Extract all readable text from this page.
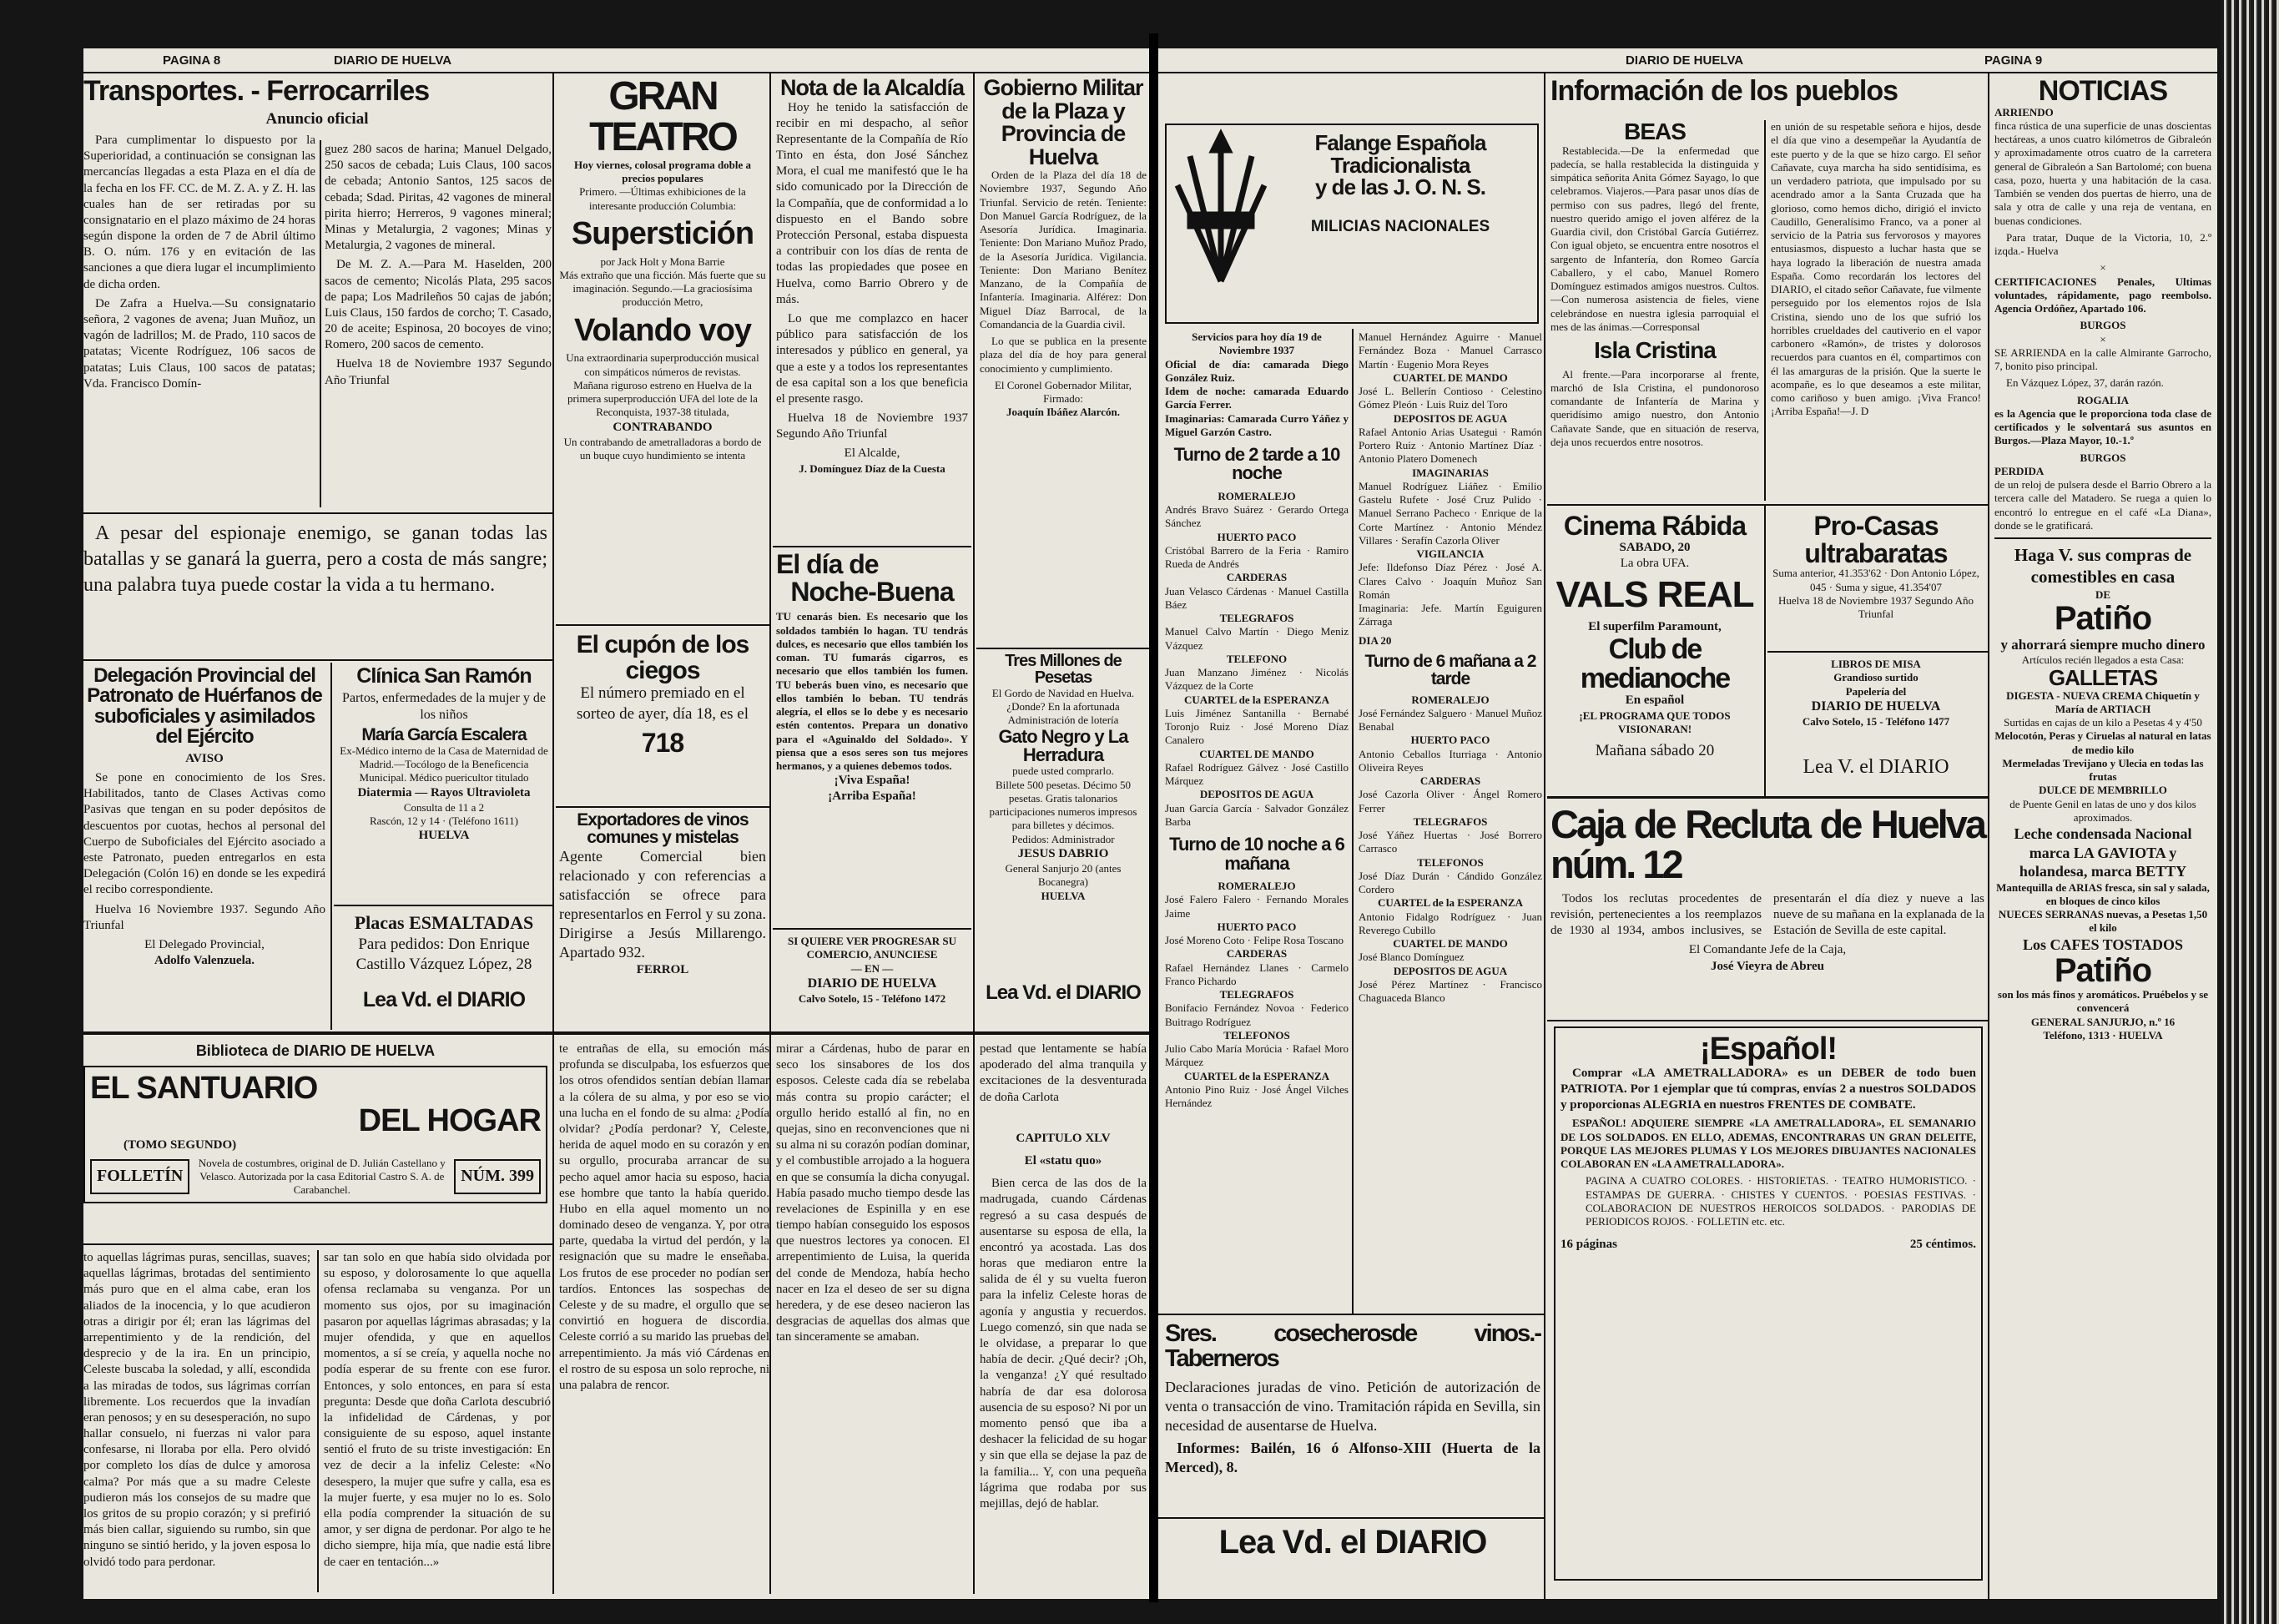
PAGINA 8	DIARIO DE HUELVA
Transportes. - Ferrocarriles
Anuncio oficial

Para cumplimentar lo dispuesto por la Superioridad, a continuación se consignan las mercancías llegadas a esta Plaza en el día de la fecha en los FF. CC. de M. Z. A. y Z. H. las cuales han de ser retiradas por su consignatario en el plazo máximo de 24 horas según dispone la orden de 7 de Abril último B. O. núm. 176 y en evitación de las sanciones a que diera lugar el incumplimiento de dicha orden.

De Zafra a Huelva.—Su consignatario señora, 2 vagones de avena; Juan Muñoz, un vagón de ladrillos; M. de Prado, 110 sacos de patatas; Vicente Rodríguez, 106 sacos de patatas; Luis Claus, 100 sacos de patatas; Vda. Francisco Domín-

guez 280 sacos de harina; Manuel Delgado, 250 sacos de cebada; Luis Claus, 100 sacos de cebada; Antonio Santos, 125 sacos de cebada; Sdad. Piritas, 42 vagones de mineral pirita hierro; Herreros, 9 vagones mineral; Minas y Metalurgia, 2 vagones; Minas y Metalurgia, 2 vagones de mineral.

De M. Z. A.—Para M. Haselden, 200 sacos de cemento; Nicolás Plata, 295 sacos de papa; Los Madrileños 50 cajas de jabón; Luis Claus, 150 fardos de corcho; T. Casado, 20 de aceite; Espinosa, 20 bocoyes de vino; Romero, 200 sacos de cemento.

Huelva 18 de Noviembre 1937 Segundo Año Triunfal

A pesar del espionaje enemigo, se ganan todas las batallas y se ganará la guerra, pero a costa de más sangre; una palabra tuya puede costar la vida a tu hermano.

Delegación Provincial del Patronato de Huérfanos de suboficiales y asimilados del Ejército
AVISO

Se pone en conocimiento de los Sres. Habilitados, tanto de Clases Activas como Pasivas que tengan en su poder depósitos de descuentos por cuotas, hechos al personal del Cuerpo de Suboficiales del Ejército asociado a este Patronato, pueden entregarlos en esta Delegación (Colón 16) en donde se les expedirá el recibo correspondiente.

Huelva 16 Noviembre 1937. Segundo Año Triunfal

El Delegado Provincial,
Adolfo Valenzuela.
Clínica San Ramón
Partos, enfermedades de la mujer y de los niños
María García Escalera
Ex-Médico interno de la Casa de Maternidad de Madrid.—Tocólogo de la Beneficencia Municipal. Médico puericultor titulado
Diatermia — Rayos Ultravioleta
Consulta de 11 a 2
Rascón, 12 y 14 · (Teléfono 1611)
HUELVA
Placas ESMALTADAS
Para pedidos: Don Enrique Castillo Vázquez López, 28
Lea Vd. el DIARIO
GRAN TEATRO
Hoy viernes, colosal programa doble a precios populares
Primero. —Últimas exhibiciones de la interesante producción Columbia:
Superstición
por Jack Holt y Mona Barrie
Más extraño que una ficción. Más fuerte que su imaginación. Segundo.—La graciosísima producción Metro,
Volando voy
Una extraordinaria superproducción musical con simpáticos números de revistas.
Mañana riguroso estreno en Huelva de la primera superproducción UFA del lote de la Reconquista, 1937-38 titulada,
CONTRABANDO
Un contrabando de ametralladoras a bordo de un buque cuyo hundimiento se intenta
El cupón de los ciegos
El número premiado en el sorteo de ayer, día 18, es el
718
Exportadores de vinos comunes y mistelas
Agente Comercial bien relacionado y con referencias a satisfacción se ofrece para representarlos en Ferrol y su zona. Dirigirse a Jesús Millarengo. Apartado 932.
FERROL
Nota de la Alcaldía

Hoy he tenido la satisfacción de recibir en mi despacho, al señor Representante de la Compañía de Río Tinto en ésta, don José Sánchez Mora, el cual me manifestó que le ha sido comunicado por la Dirección de la Compañía, que de conformidad a lo dispuesto en el Bando sobre Protección Personal, estaba dispuesta a contribuir con los días de renta de todas las propiedades que posee en Huelva, como Barrio Obrero y de más.

Lo que me complazco en hacer público para satisfacción de los interesados y público en general, ya que a este y a todos los representantes de esa capital son a los que beneficia el presente rasgo.

Huelva 18 de Noviembre 1937 Segundo Año Triunfal

El Alcalde,
J. Domínguez Díaz de la Cuesta
El día de
Noche-Buena
TU cenarás bien. Es necesario que los soldados también lo hagan. TU tendrás dulces, es necesario que ellos también los coman. TU fumarás cigarros, es necesario que ellos también los fumen. TU beberás buen vino, es necesario que ellos también lo beban. TU tendrás alegría, el ellos se lo debe y es necesario estén contentos. Prepara un donativo para el «Aguinaldo del Soldado». Y piensa que a esos seres son tus mejores hermanos, y a quienes debemos todos.
¡Viva España!
¡Arriba España!
SI QUIERE VER PROGRESAR SU COMERCIO, ANUNCIESE
— EN —
DIARIO DE HUELVA
Calvo Sotelo, 15 - Teléfono 1472
Gobierno Militar de la Plaza y Provincia de Huelva

Orden de la Plaza del día 18 de Noviembre 1937, Segundo Año Triunfal. Servicio de retén. Teniente: Don Manuel García Rodríguez, de la Asesoría Jurídica. Imaginaria. Teniente: Don Mariano Muñoz Prado, de la Asesoría Jurídica. Vigilancia. Teniente: Don Mariano Benítez Manzano, de la Compañía de Infantería. Imaginaria. Alférez: Don Miguel Díaz Barrocal, de la Comandancia de la Guardia civil.

Lo que se publica en la presente plaza del día de hoy para general conocimiento y cumplimiento.

El Coronel Gobernador Militar,
Firmado:
Joaquín Ibáñez Alarcón.
Tres Millones de Pesetas
El Gordo de Navidad en Huelva. ¿Donde? En la afortunada Administración de lotería
Gato Negro y La Herradura
puede usted comprarlo.
Billete 500 pesetas. Décimo 50 pesetas. Gratis talonarios participaciones numeros impresos para billetes y décimos.
Pedidos: Administrador
JESUS DABRIO
General Sanjurjo 20 (antes Bocanegra)
HUELVA
Lea Vd. el DIARIO
Biblioteca de DIARIO DE HUELVA
EL SANTUARIO
DEL HOGAR
(TOMO SEGUNDO)
FOLLETÍN
Novela de costumbres, original de D. Julián Castellano y Velasco. Autorizada por la casa Editorial Castro S. A. de Carabanchel.
NÚM. 399

to aquellas lágrimas puras, sencillas, suaves; aquellas lágrimas, brotadas del sentimiento más puro que en el alma cabe, eran los aliados de la inocencia, y lo que acudieron otras a dirigir por él; eran las lágrimas del arrepentimiento y de la rendición, del desprecio y de la ira. En un principio, Celeste buscaba la soledad, y allí, escondida a las miradas de todos, sus lágrimas corrían libremente. Los recuerdos que la invadían eran penosos; y en su desesperación, no supo hallar consuelo, ni fuerzas ni valor para confesarse, ni lloraba por ella. Pero olvidó por completo los días de dulce y amorosa calma? Por más que a su madre Celeste pudieron más los consejos de su madre que los gritos de su propio corazón; y si prefirió más bien callar, siguiendo su rumbo, sin que ninguno se sintió herido, y la joven esposa lo olvidó todo para perdonar.

sar tan solo en que había sido olvidada por su esposo, y dolorosamente lo que aquella ofensa reclamaba su venganza. Por un momento sus ojos, por su imaginación pasaron por aquellas lágrimas abrasadas; y la mujer ofendida, y que en aquellos momentos, a sí se creía, y aquella noche no podía esperar de su frente con ese furor. Entonces, y solo entonces, en para sí esta pregunta: Desde que doña Carlota descubrió la infidelidad de Cárdenas, y por consiguiente de su esposo, aquel instante sentió el fruto de su triste investigación: En vez de decir a la infeliz Celeste: «No desespero, la mujer que sufre y calla, esa es la mujer fuerte, y esa mujer no lo es. Solo ella podía comprender la situación de su amor, y ser digna de perdonar. Por algo te he dicho siempre, hija mía, que nadie está libre de caer en tentación...»

te entrañas de ella, su emoción más profunda se disculpaba, los esfuerzos que los otros ofendidos sentían debían llamar a la cólera de su alma, y por eso se vio una lucha en el fondo de su alma: ¿Podía olvidar? ¿Podía perdonar? Y, Celeste, herida de aquel modo en su corazón y en su orgullo, procuraba arrancar de su pecho aquel amor hacia su esposo, hacia ese hombre que tanto la había querido. Hubo en ella aquel momento un no dominado deseo de venganza. Y, por otra parte, quedaba la virtud del perdón, y la resignación que su madre le enseñaba. Los frutos de ese proceder no podían ser tardíos. Entonces las sospechas de Celeste y de su madre, el orgullo que se convirtió en hoguera de discordia. Celeste corrió a su marido las pruebas del arrepentimiento. Ja más vió Cárdenas en el rostro de su esposa un solo reproche, ni una palabra de rencor.

mirar a Cárdenas, hubo de parar en seco los sinsabores de los dos esposos. Celeste cada día se rebelaba más contra su propio carácter; el orgullo herido estalló al fin, no en quejas, sino en reconvenciones que ni su alma ni su corazón podían dominar, y el combustible arrojado a la hoguera en que se consumía la dicha conyugal. Había pasado mucho tiempo desde las revelaciones de Espinilla y en ese tiempo habían conseguido los esposos que nuestros lectores ya conocen. El arrepentimiento de Luisa, la querida del conde de Mendoza, había hecho nacer en Iza el deseo de ser su digna heredera, y de ese deseo nacieron las desgracias de aquellas dos almas que tan sinceramente se amaban.

pestad que lentamente se había apoderado del alma tranquila y excitaciones de la desventurada de doña Carlota

CAPITULO XLV
El «statu quo»

Bien cerca de las dos de la madrugada, cuando Cárdenas regresó a su casa después de ausentarse su esposa de ella, la encontró ya acostada. Las dos horas que mediaron entre la salida de él y su vuelta fueron para la infeliz Celeste horas de agonía y angustia y recuerdos. Luego comenzó, sin que nada se le olvidase, a preparar lo que había de decir. ¿Qué decir? ¡Oh, la venganza! ¿Y qué resultado habría de dar esa dolorosa ausencia de su esposo? Ni por un momento pensó que iba a deshacer la felicidad de su hogar y sin que ella se dejase la paz de la familia... Y, con una pequeña lágrima que rodaba por sus mejillas, dejó de hablar.

DIARIO DE HUELVA	PAGINA 9
Falange Española
Tradicionalista
y de las J. O. N. S.
MILICIAS NACIONALES
Servicios para hoy día 19 de Noviembre 1937
Oficial de día: camarada Diego González Ruiz.
Idem de noche: camarada Eduardo García Ferrer.
Imaginarias: Camarada Curro Yáñez y Miguel Garzón Castro.
Turno de 2 tarde a 10 noche
ROMERALEJO
Andrés Bravo Suárez · Gerardo Ortega Sánchez
HUERTO PACO
Cristóbal Barrero de la Feria · Ramiro Rueda de Andrés
CARDERAS
Juan Velasco Cárdenas · Manuel Castilla Báez
TELEGRAFOS
Manuel Calvo Martín · Diego Meniz Vázquez
TELEFONO
Juan Manzano Jiménez · Nicolás Vázquez de la Corte
CUARTEL de la ESPERANZA
Luis Jiménez Santanilla · Bernabé Toronjo Ruiz · José Moreno Díaz Canalero
CUARTEL DE MANDO
Rafael Rodríguez Gálvez · José Castillo Márquez
DEPOSITOS DE AGUA
Juan García García · Salvador González Barba
Turno de 10 noche a 6 mañana
ROMERALEJO
José Falero Falero · Fernando Morales Jaime
HUERTO PACO
José Moreno Coto · Felipe Rosa Toscano
CARDERAS
Rafael Hernández Llanes · Carmelo Franco Pichardo
TELEGRAFOS
Bonifacio Fernández Novoa · Federico Buitrago Rodríguez
TELEFONOS
Julio Cabo María Morúcia · Rafael Moro Márquez
CUARTEL de la ESPERANZA
Antonio Pino Ruiz · José Ángel Vilches Hernández
Manuel Hernández Aguirre · Manuel Fernández Boza · Manuel Carrasco Martín · Eugenio Mora Reyes
CUARTEL DE MANDO
José L. Bellerín Contioso · Celestino Gómez Pleón · Luis Ruiz del Toro
DEPOSITOS DE AGUA
Rafael Antonio Arias Usategui · Ramón Portero Ruiz · Antonio Martínez Díaz · Antonio Platero Domenech
IMAGINARIAS
Manuel Rodríguez Liáñez · Emilio Gastelu Rufete · José Cruz Pulido · Manuel Serrano Pacheco · Enrique de la Corte Martínez · Antonio Méndez Villares · Serafín Cazorla Oliver
VIGILANCIA
Jefe: Ildefonso Díaz Pérez · José A. Clares Calvo · Joaquín Muñoz San Román
Imaginaria: Jefe. Martín Eguiguren Zárraga
DIA 20
Turno de 6 mañana a 2 tarde
ROMERALEJO
José Fernández Salguero · Manuel Muñoz Benabal
HUERTO PACO
Antonio Ceballos Iturriaga · Antonio Oliveira Reyes
CARDERAS
José Cazorla Oliver · Ángel Romero Ferrer
TELEGRAFOS
José Yáñez Huertas · José Borrero Carrasco
TELEFONOS
José Díaz Durán · Cándido González Cordero
CUARTEL de la ESPERANZA
Antonio Fidalgo Rodríguez · Juan Reverego Cubillo
CUARTEL DE MANDO
José Blanco Domínguez
DEPOSITOS DE AGUA
José Pérez Martínez · Francisco Chaguaceda Blanco
Sres. cosecherosde vinos.-Taberneros

Declaraciones juradas de vino. Petición de autorización de venta o transacción de vino. Tramitación rápida en Sevilla, sin necesidad de ausentarse de Huelva.

Informes: Bailén, 16 ó Alfonso-XIII (Huerta de la Merced), 8.

Lea Vd. el DIARIO
Información de los pueblos
BEAS

Restablecida.—De la enfermedad que padecía, se halla restablecida la distinguida y simpática señorita Anita Gómez Sayago, lo que celebramos. Viajeros.—Para pasar unos días de permiso con sus padres, llegó del frente, nuestro querido amigo el joven alférez de la Guardia civil, don Cristóbal García Gutiérrez. Con igual objeto, se encuentra entre nosotros el sargento de Infantería, don Romeo García Caballero, y el cabo, Manuel Romero Domínguez estimados amigos nuestros. Cultos.—Con numerosa asistencia de fieles, viene celebrándose en nuestra iglesia parroquial el mes de las ánimas.—Corresponsal

Isla Cristina

Al frente.—Para incorporarse al frente, marchó de Isla Cristina, el pundonoroso comandante de Infantería de Marina y queridísimo amigo nuestro, don Antonio Cañavate Sande, que en situación de reserva, deja unos recuerdos entre nosotros.

en unión de su respetable señora e hijos, desde el día que vino a desempeñar la Ayudantía de este puerto y de la que se hizo cargo. El señor Cañavate, cuya marcha ha sido sentidísima, es un verdadero patriota, que impulsado por su acendrado amor a la Santa Cruzada que ha glorioso, como hemos dicho, dirigió el invicto Caudillo, Generalísimo Franco, va a poner al servicio de la Patria sus fervorosos y mayores entusiasmos, dispuesto a luchar hasta que se haya logrado la liberación de nuestra amada España. Como recordarán los lectores del DIARIO, el citado señor Cañavate, fue vilmente perseguido por los elementos rojos de Isla Cristina, siendo uno de los que sufrió los horribles crueldades del cautiverio en el vapor carbonero «Ramón», de tristes y dolorosos recuerdos para cuantos en él, compartimos con él las amarguras de la prisión. Que la suerte le acompañe, es lo que deseamos a este militar, como cariñoso y buen amigo. ¡Viva Franco! ¡Arriba España!—J. D

Cinema Rábida
SABADO, 20
La obra UFA.
VALS REAL
El superfilm Paramount,
Club de medianoche
En español
¡EL PROGRAMA QUE TODOS VISIONARAN!
Mañana sábado 20
Pro-Casas
ultrabaratas
Suma anterior, 41.353'62 · Don Antonio López, 045 · Suma y sigue, 41.354'07
Huelva 18 de Noviembre 1937 Segundo Año Triunfal
LIBROS DE MISA
Grandioso surtido
Papelería del
DIARIO DE HUELVA
Calvo Sotelo, 15 - Teléfono 1477
Lea V. el DIARIO
Caja de Recluta de Huelva núm. 12

Todos los reclutas procedentes de revisión, pertenecientes a los reemplazos de 1930 al 1934, ambos inclusives, se presentarán el día diez y nueve a las nueve de su mañana en la explanada de la Estación de Sevilla de este capital.

El Comandante Jefe de la Caja,
José Vieyra de Abreu
¡Español!

Comprar «LA AMETRALLADORA» es un DEBER de todo buen PATRIOTA. Por 1 ejemplar que tú compras, envías 2 a nuestros SOLDADOS y proporcionas ALEGRIA en nuestros FRENTES DE COMBATE.

ESPAÑOL! ADQUIERE SIEMPRE «LA AMETRALLADORA», EL SEMANARIO DE LOS SOLDADOS. EN ELLO, ADEMAS, ENCONTRARAS UN GRAN DELEITE, PORQUE LAS MEJORES PLUMAS Y LOS MEJORES DIBUJANTES NACIONALES COLABORAN EN «LA AMETRALLADORA».

PAGINA A CUATRO COLORES. · HISTORIETAS. · TEATRO HUMORISTICO. · ESTAMPAS DE GUERRA. · CHISTES Y CUENTOS. · POESIAS FESTIVAS. · COLABORACION DE NUESTROS HEROICOS SOLDADOS. · PARODIAS DE PERIODICOS ROJOS. · FOLLETIN etc. etc.
16 páginas	25 céntimos.
NOTICIAS
ARRIENDO

finca rústica de una superficie de unas doscientas hectáreas, a unos cuatro kilómetros de Gibraleón y aproximadamente otros cuatro de la carretera general de Gibraleón a San Bartolomé; con buena casa, pozo, huerta y una habitación de la casa. También se venden dos puertas de hierro, una de sala y otra de calle y una reja de ventana, en buenas condiciones.

Para tratar, Duque de la Victoria, 10, 2.º izqda.- Huelva

×

CERTIFICACIONES Penales, Ultimas voluntades, rápidamente, pago reembolso. Agencia Ordóñez, Apartado 106.

BURGOS
×

SE ARRIENDA en la calle Almirante Garrocho, 7, bonito piso principal.

En Vázquez López, 37, darán razón.

ROGALIA

es la Agencia que le proporciona toda clase de certificados y le solventará sus asuntos en Burgos.—Plaza Mayor, 10.-1.º

BURGOS
PERDIDA

de un reloj de pulsera desde el Barrio Obrero a la tercera calle del Matadero. Se ruega a quien lo encontró lo entregue en el café «La Diana», donde se le gratificará.

Haga V. sus compras de comestibles en casa
DE
Patiño
y ahorrará siempre mucho dinero
Artículos recién llegados a esta Casa:
GALLETAS
DIGESTA - NUEVA CREMA Chiquetín y María de ARTIACH
Surtidas en cajas de un kilo a Pesetas 4 y 4'50
Melocotón, Peras y Ciruelas al natural en latas de medio kilo
Mermeladas Trevijano y Ulecia en todas las frutas
DULCE DE MEMBRILLO
de Puente Genil en latas de uno y dos kilos aproximados.
Leche condensada Nacional marca LA GAVIOTA y holandesa, marca BETTY
Mantequilla de ARIAS fresca, sin sal y salada, en bloques de cinco kilos
NUECES SERRANAS nuevas, a Pesetas 1,50 el kilo
Los CAFES TOSTADOS
Patiño
son los más finos y aromáticos. Pruébelos y se convencerá
GENERAL SANJURJO, n.º 16
Teléfono, 1313 · HUELVA
